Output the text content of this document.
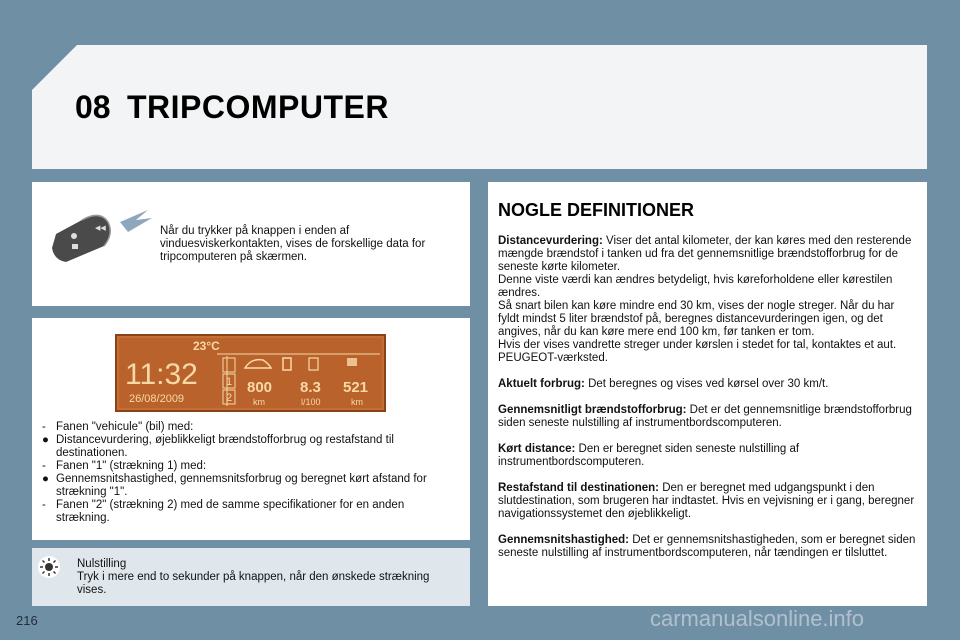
08 TRIPCOMPUTER
◀◀	Når du trykker på knappen i enden af vinduesviskerkontakten, vises de forskellige data for tripcomputeren på skærmen.
23°C
11:32
26/08/2009
1
2
800
km
8.3
l/100
521
km
- Fanen "vehicule" (bil) med:
● Distancevurdering, øjeblikkeligt brændstofforbrug og restafstand til destinationen.
- Fanen "1" (strækning 1) med:
● Gennemsnitshastighed, gennemsnitsforbrug og beregnet kørt afstand for strækning "1".
- Fanen "2" (strækning 2) med de samme specifikationer for en anden strækning.
Nulstilling
Tryk i mere end to sekunder på knappen, når den ønskede strækning vises.
NOGLE DEFINITIONER

Distancevurdering: Viser det antal kilometer, der kan køres med den resterende mængde brændstof i tanken ud fra det gennemsnitlige brændstofforbrug for de seneste kørte kilometer.
Denne viste værdi kan ændres betydeligt, hvis køreforholdene eller kørestilen ændres.
Så snart bilen kan køre mindre end 30 km, vises der nogle streger. Når du har fyldt mindst 5 liter brændstof på, beregnes distancevurderingen igen, og det angives, når du kan køre mere end 100 km, før tanken er tom.
Hvis der vises vandrette streger under kørslen i stedet for tal, kontaktes et aut. PEUGEOT-værksted.

Aktuelt forbrug: Det beregnes og vises ved kørsel over 30 km/t.

Gennemsnitligt brændstofforbrug: Det er det gennemsnitlige brændstofforbrug siden seneste nulstilling af instrumentbordscomputeren.

Kørt distance: Den er beregnet siden seneste nulstilling af instrumentbordscomputeren.

Restafstand til destinationen: Den er beregnet med udgangspunkt i den slutdestination, som brugeren har indtastet. Hvis en vejvisning er i gang, beregner navigationssystemet den øjeblikkeligt.

Gennemsnitshastighed: Det er gennemsnitshastigheden, som er beregnet siden seneste nulstilling af instrumentbordscomputeren, når tændingen er tilsluttet.

216	carmanualsonline.info
